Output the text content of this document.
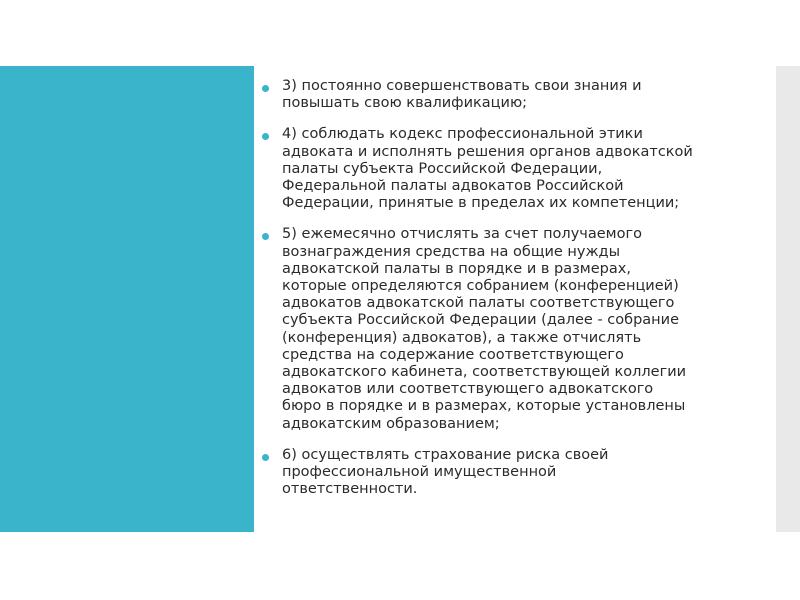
3) постоянно совершенствовать свои знания и
повышать свою квалификацию;
4) соблюдать кодекс профессиональной этики
адвоката и исполнять решения органов адвокатской
палаты субъекта Российской Федерации,
Федеральной палаты адвокатов Российской
Федерации, принятые в пределах их компетенции;
5) ежемесячно отчислять за счет получаемого
вознаграждения средства на общие нужды
адвокатской палаты в порядке и в размерах,
которые определяются собранием (конференцией)
адвокатов адвокатской палаты соответствующего
субъекта Российской Федерации (далее - собрание
(конференция) адвокатов), а также отчислять
средства на содержание соответствующего
адвокатского кабинета, соответствующей коллегии
адвокатов или соответствующего адвокатского
бюро в порядке и в размерах, которые установлены
адвокатским образованием;
6) осуществлять страхование риска своей
профессиональной имущественной
ответственности.
